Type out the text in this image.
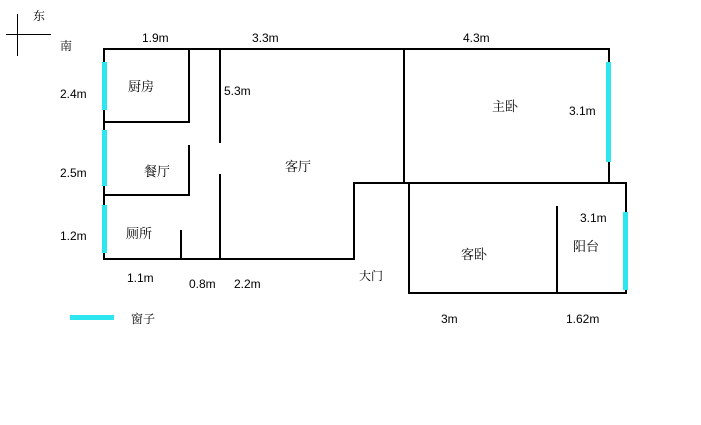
东
南
厨房
餐厅
厕所
客厅
主卧
客卧
阳台
大门
1.9m	3.3m	4.3m
2.4m
2.5m
1.2m
5.3m
3.1m
3.1m
1.1m	0.8m 2.2m
3m	1.62m
窗子
